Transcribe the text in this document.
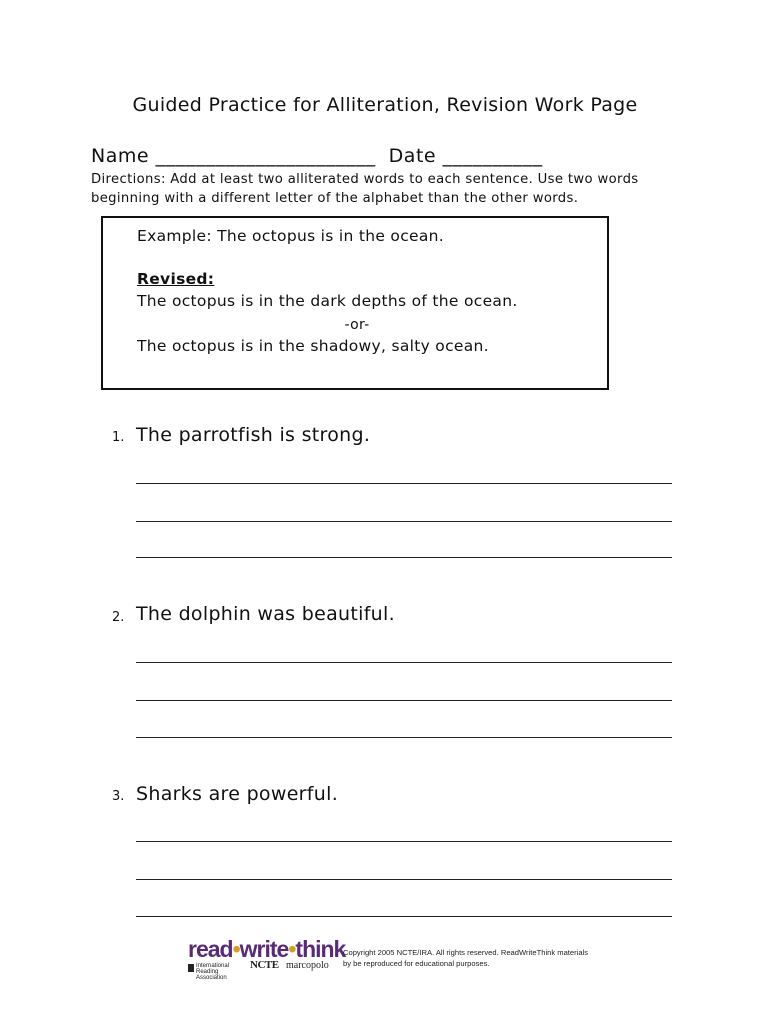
Guided Practice for Alliteration, Revision Work Page
Name ______________________  Date __________
Directions: Add at least two alliterated words to each sentence. Use two words beginning with a different letter of the alphabet than the other words.
Example: The octopus is in the ocean.
Revised:
The octopus is in the dark depths of the ocean.
-or-
The octopus is in the shadowy, salty ocean.
1. The parrotfish is strong.
2. The dolphin was beautiful.
3. Sharks are powerful.
read•write•think
International Reading Association
NCTE marcopolo
Copyright 2005 NCTE/IRA. All rights reserved. ReadWriteThink materials by be reproduced for educational purposes.
